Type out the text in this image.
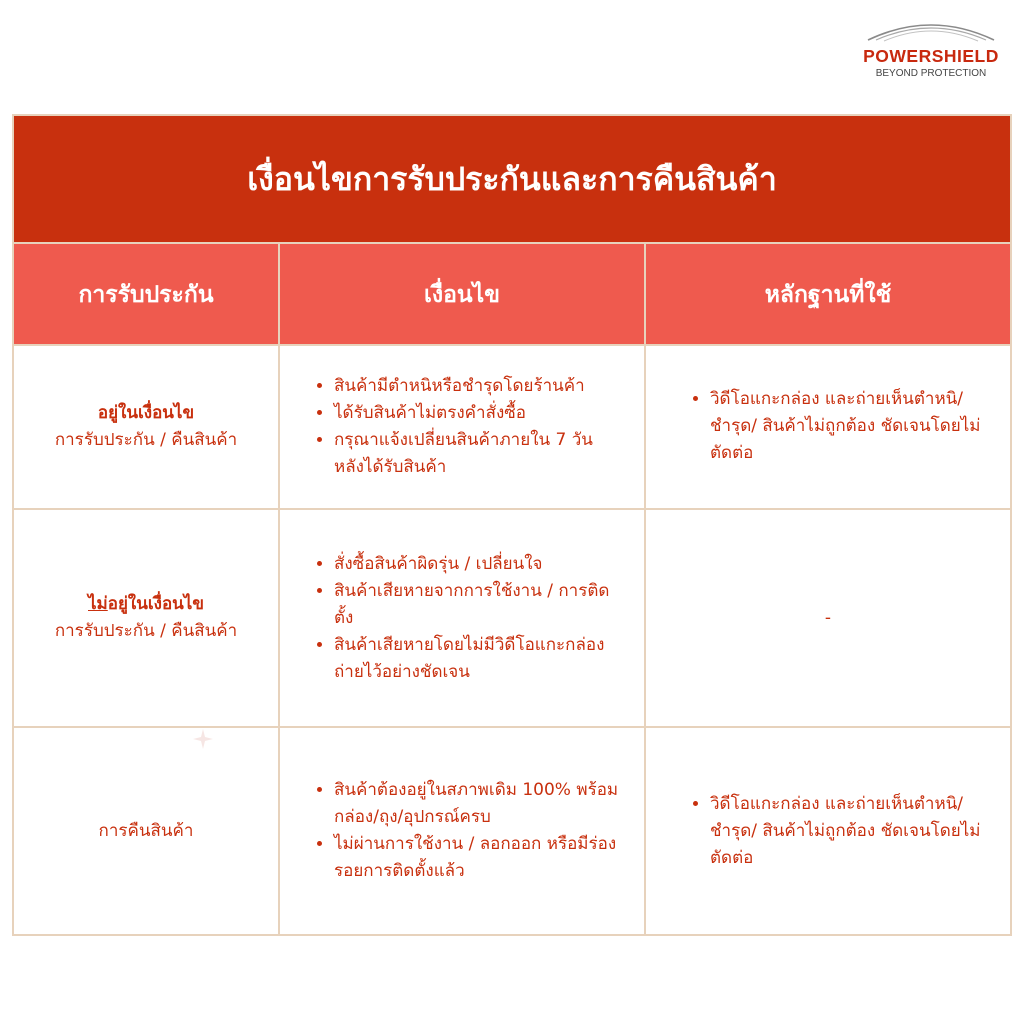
POWERSHIELD
BEYOND PROTECTION
เงื่อนไขการรับประกันและการคืนสินค้า
การรับประกัน	เงื่อนไข	หลักฐานที่ใช้
อยู่ในเงื่อนไข
การรับประกัน / คืนสินค้า
• สินค้ามีตำหนิหรือชำรุดโดยร้านค้า
• ได้รับสินค้าไม่ตรงคำสั่งซื้อ
• กรุณาแจ้งเปลี่ยนสินค้าภายใน 7 วัน หลังได้รับสินค้า
• วิดีโอแกะกล่อง และถ่ายเห็นตำหนิ/ชำรุด/ สินค้าไม่ถูกต้อง ชัดเจนโดยไม่ตัดต่อ
ไม่อยู่ในเงื่อนไข
การรับประกัน / คืนสินค้า
• สั่งซื้อสินค้าผิดรุ่น / เปลี่ยนใจ
• สินค้าเสียหายจากการใช้งาน / การติดตั้ง
• สินค้าเสียหายโดยไม่มีวิดีโอแกะกล่องถ่ายไว้อย่างชัดเจน
-
การคืนสินค้า
• สินค้าต้องอยู่ในสภาพเดิม 100% พร้อมกล่อง/ถุง/อุปกรณ์ครบ
• ไม่ผ่านการใช้งาน / ลอกออก หรือมีร่องรอยการติดตั้งแล้ว
• วิดีโอแกะกล่อง และถ่ายเห็นตำหนิ/ชำรุด/ สินค้าไม่ถูกต้อง ชัดเจนโดยไม่ตัดต่อ
